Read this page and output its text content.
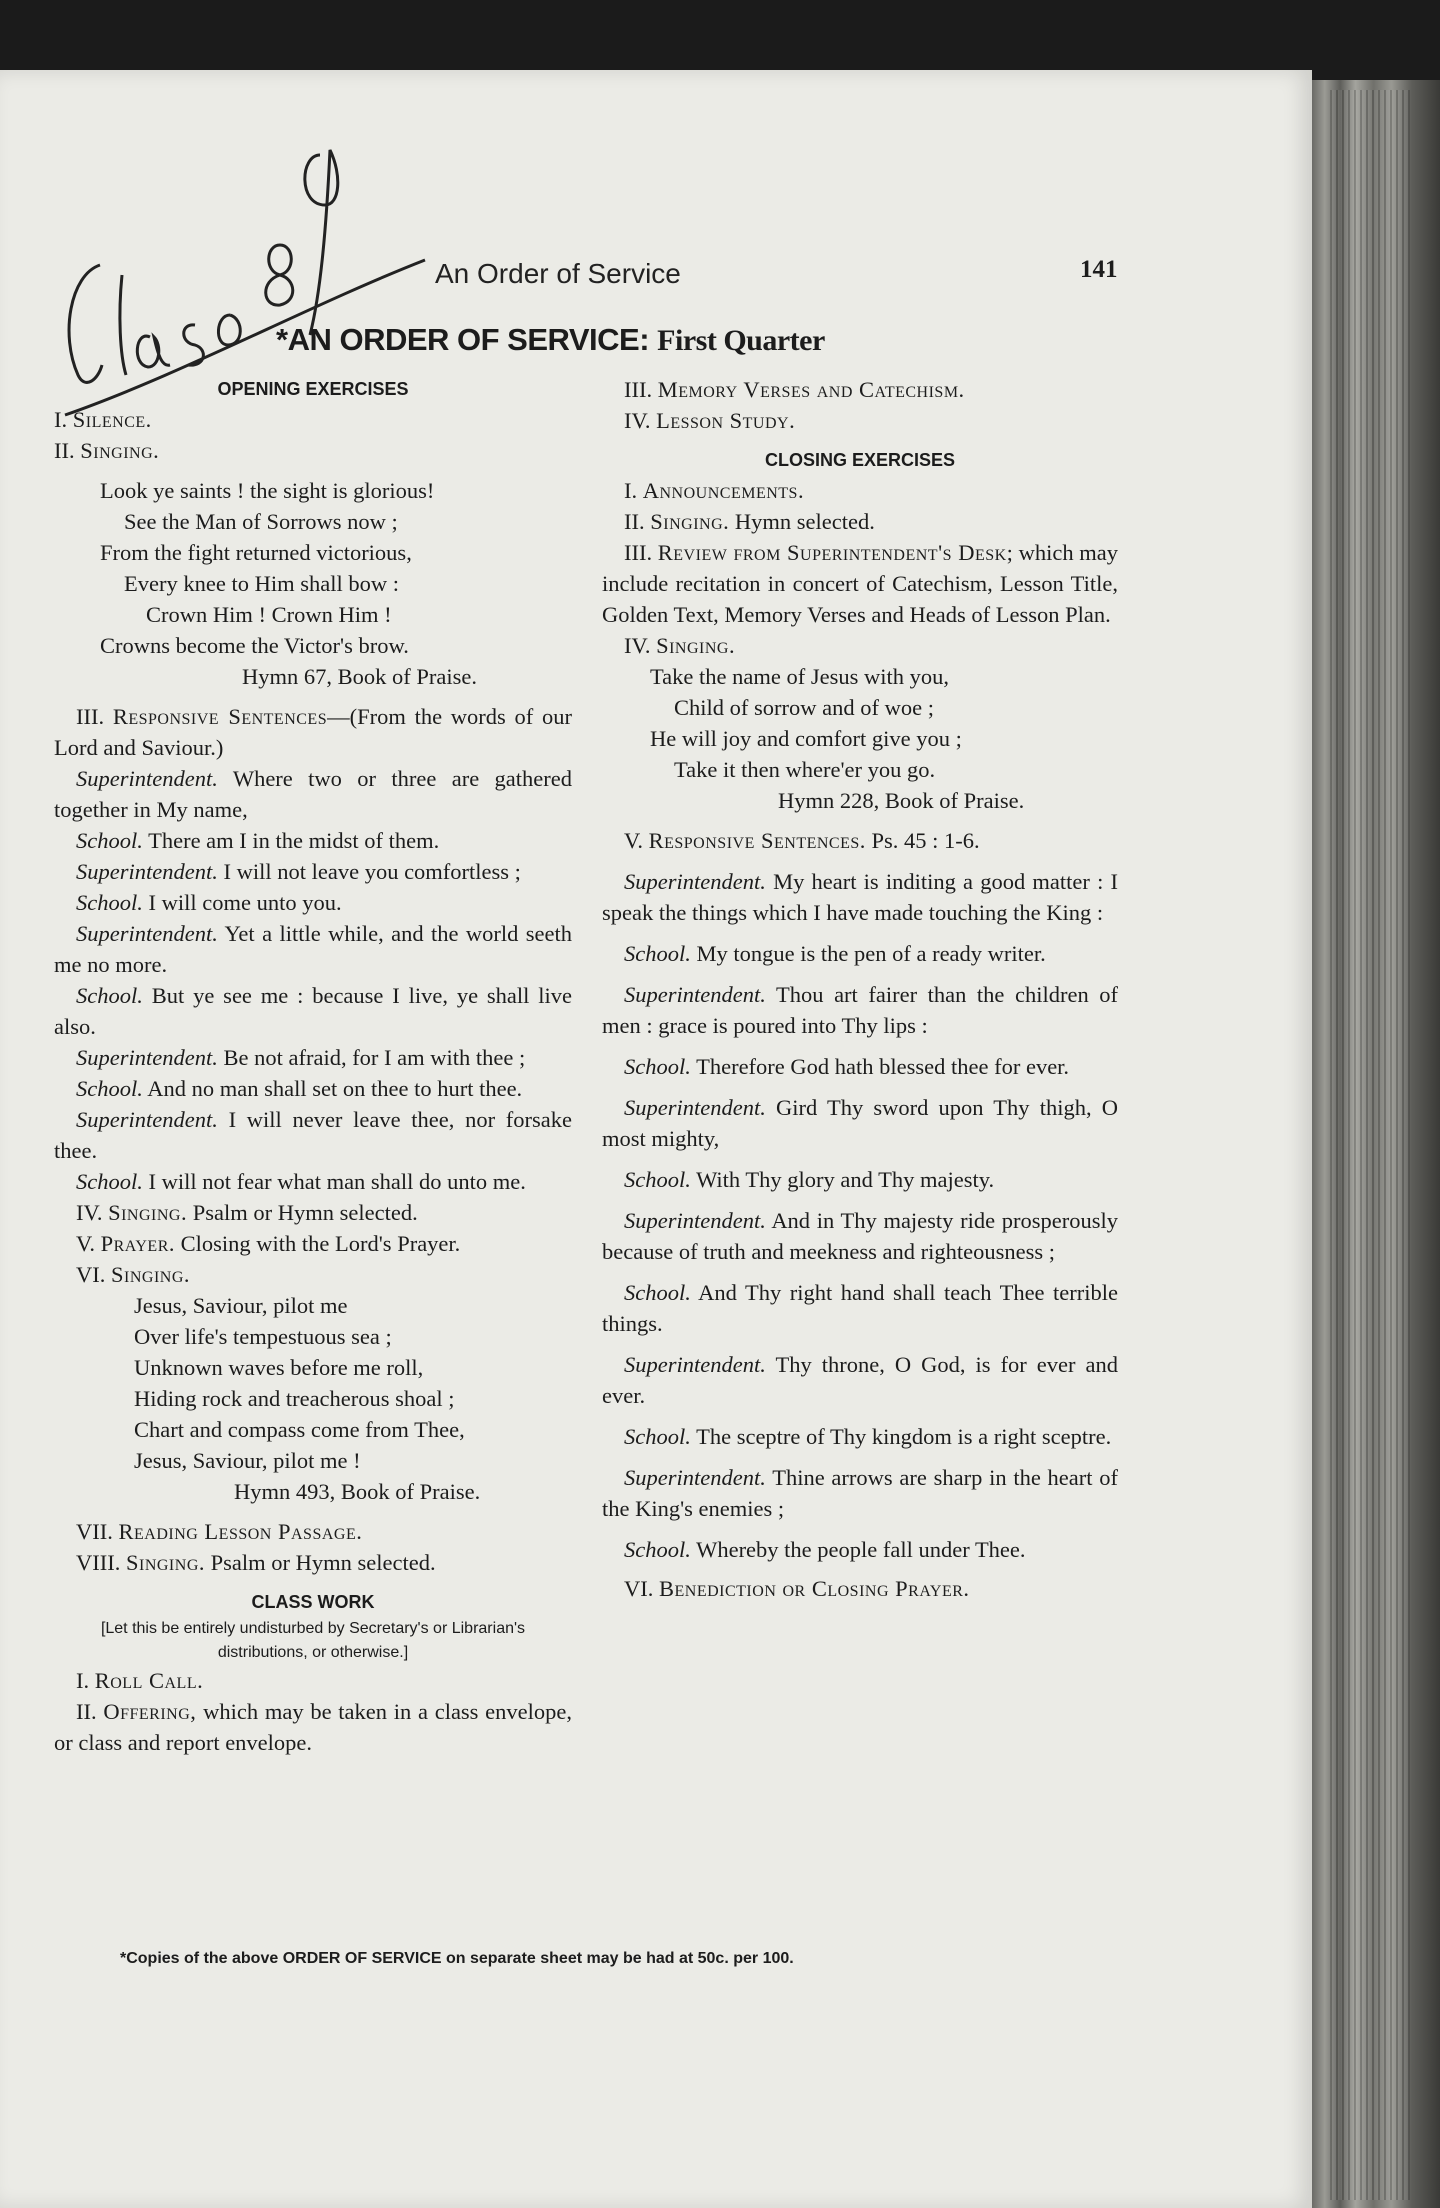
An Order of Service	141
*AN ORDER OF SERVICE: First Quarter
OPENING EXERCISES
I. Silence.
II. Singing.
Look ye saints ! the sight is glorious!
See the Man of Sorrows now ;
From the fight returned victorious,
Every knee to Him shall bow :
Crown Him ! Crown Him !
Crowns become the Victor's brow.
Hymn 67, Book of Praise.
III. Responsive Sentences—(From the words of our Lord and Saviour.)
Superintendent. Where two or three are gathered together in My name,
School. There am I in the midst of them.
Superintendent. I will not leave you comfortless ;
School. I will come unto you.
Superintendent. Yet a little while, and the world seeth me no more.
School. But ye see me : because I live, ye shall live also.
Superintendent. Be not afraid, for I am with thee ;
School. And no man shall set on thee to hurt thee.
Superintendent. I will never leave thee, nor forsake thee.
School. I will not fear what man shall do unto me.
IV. Singing. Psalm or Hymn selected.
V. Prayer. Closing with the Lord's Prayer.
VI. Singing.
Jesus, Saviour, pilot me
Over life's tempestuous sea ;
Unknown waves before me roll,
Hiding rock and treacherous shoal ;
Chart and compass come from Thee,
Jesus, Saviour, pilot me !
Hymn 493, Book of Praise.
VII. Reading Lesson Passage.
VIII. Singing. Psalm or Hymn selected.
CLASS WORK
[Let this be entirely undisturbed by Secretary's or Librarian's distributions, or otherwise.]
I. Roll Call.
II. Offering, which may be taken in a class envelope, or class and report envelope.
III. Memory Verses and Catechism.
IV. Lesson Study.
CLOSING EXERCISES
I. Announcements.
II. Singing. Hymn selected.
III. Review from Superintendent's Desk; which may include recitation in concert of Catechism, Lesson Title, Golden Text, Memory Verses and Heads of Lesson Plan.
IV. Singing.
Take the name of Jesus with you,
Child of sorrow and of woe ;
He will joy and comfort give you ;
Take it then where'er you go.
Hymn 228, Book of Praise.
V. Responsive Sentences. Ps. 45 : 1-6.
Superintendent. My heart is inditing a good matter : I speak the things which I have made touching the King :
School. My tongue is the pen of a ready writer.
Superintendent. Thou art fairer than the children of men : grace is poured into Thy lips :
School. Therefore God hath blessed thee for ever.
Superintendent. Gird Thy sword upon Thy thigh, O most mighty,
School. With Thy glory and Thy majesty.
Superintendent. And in Thy majesty ride prosperously because of truth and meekness and righteousness ;
School. And Thy right hand shall teach Thee terrible things.
Superintendent. Thy throne, O God, is for ever and ever.
School. The sceptre of Thy kingdom is a right sceptre.
Superintendent. Thine arrows are sharp in the heart of the King's enemies ;
School. Whereby the people fall under Thee.
VI. Benediction or Closing Prayer.
*Copies of the above ORDER OF SERVICE on separate sheet may be had at 50c. per 100.
